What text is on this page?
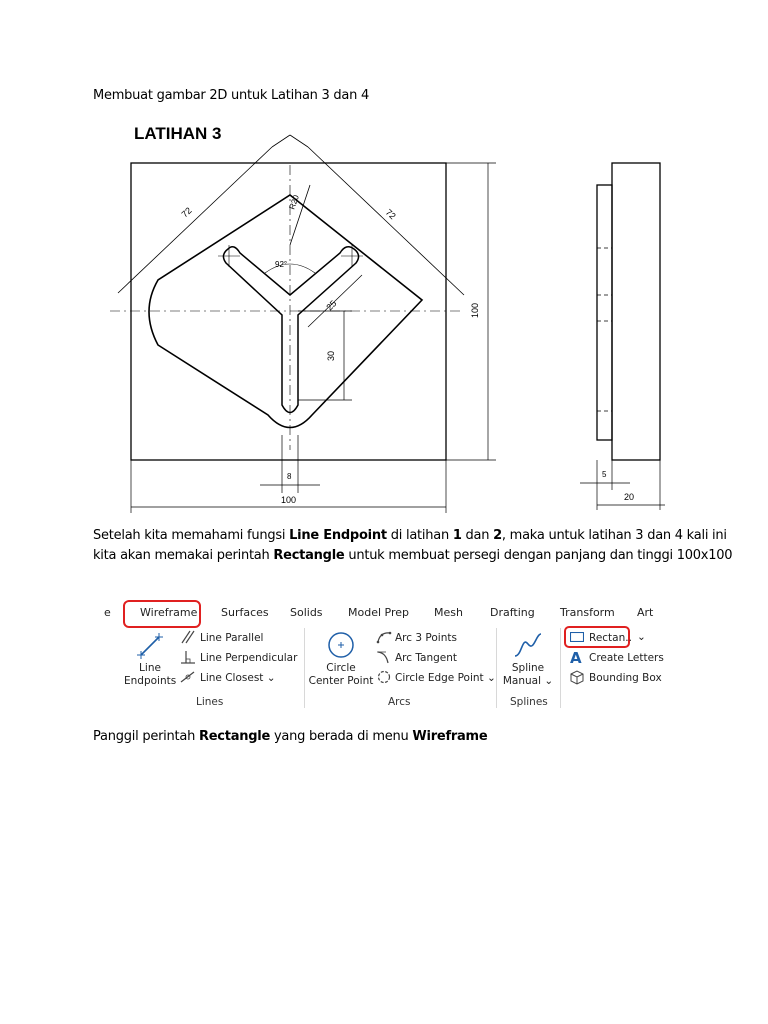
Membuat gambar 2D untuk Latihan 3 dan 4
LATIHAN 3
72	72
R20
92°
25
30
100
100
8	5
20
Setelah kita memahami fungsi Line Endpoint di latihan 1 dan 2, maka untuk latihan 3 dan 4 kali ini
kita akan memakai perintah Rectangle untuk membuat persegi dengan panjang dan tinggi 100x100
e	Wireframe Surfaces Solids Model Prep Mesh Drafting Transform Art
Line
Endpoints
Line Parallel
Line Perpendicular
Line Closest ⌄
Lines
Circle
Center Point
Arc 3 Points
Arc Tangent
Circle Edge Point ⌄
Arcs
Spline
Manual ⌄
Splines
Rectan.. ⌄
A Create Letters
Bounding Box
Panggil perintah Rectangle yang berada di menu Wireframe
